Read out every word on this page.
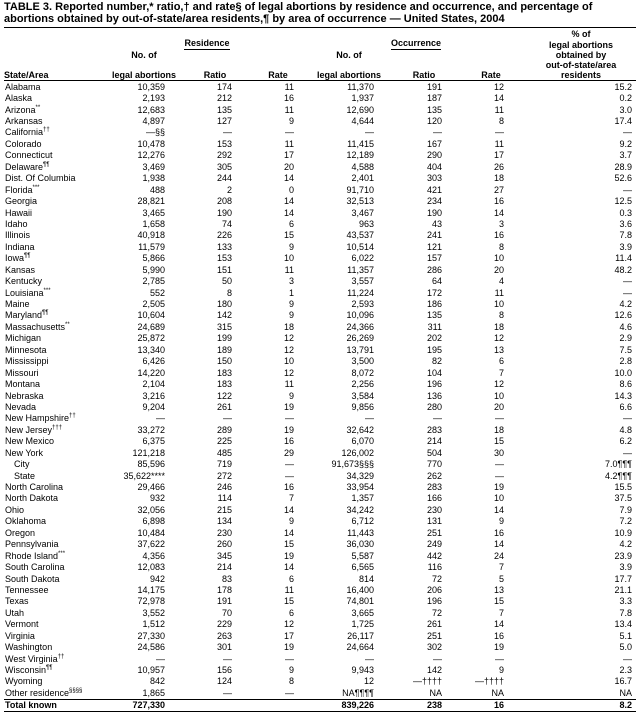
TABLE 3. Reported number,* ratio,† and rate§ of legal abortions by residence and occurrence, and percentage of abortions obtained by out-of-state/area residents,¶ by area of occurrence — United States, 2004
							% of
	Residence			Occurrence			legal abortions
	No. of			No. of			obtained by
							out-of-state/area
State/Area	legal abortions	Ratio	Rate	legal abortions	Ratio	Rate	residents
Alabama	10,359	174	11	11,370	191	12	15.2
Alaska	2,193	212	16	1,937	187	14	0.2
Arizona**	12,683	135	11	12,690	135	11	3.0
Arkansas	4,897	127	9	4,644	120	8	17.4
California††	—§§	—	—	—	—	—	—
Colorado	10,478	153	11	11,415	167	11	9.2
Connecticut	12,276	292	17	12,189	290	17	3.7
Delaware¶¶	3,469	305	20	4,588	404	26	28.9
Dist. Of Columbia	1,938	244	14	2,401	303	18	52.6
Florida***	488	2	0	91,710	421	27	—
Georgia	28,821	208	14	32,513	234	16	12.5
Hawaii	3,465	190	14	3,467	190	14	0.3
Idaho	1,658	74	6	963	43	3	3.6
Illinois	40,918	226	15	43,537	241	16	7.8
Indiana	11,579	133	9	10,514	121	8	3.9
Iowa¶¶	5,866	153	10	6,022	157	10	11.4
Kansas	5,990	151	11	11,357	286	20	48.2
Kentucky	2,785	50	3	3,557	64	4	—
Louisiana***	552	8	1	11,224	172	11	—
Maine	2,505	180	9	2,593	186	10	4.2
Maryland¶¶	10,604	142	9	10,096	135	8	12.6
Massachusetts**	24,689	315	18	24,366	311	18	4.6
Michigan	25,872	199	12	26,269	202	12	2.9
Minnesota	13,340	189	12	13,791	195	13	7.5
Mississippi	6,426	150	10	3,500	82	6	2.8
Missouri	14,220	183	12	8,072	104	7	10.0
Montana	2,104	183	11	2,256	196	12	8.6
Nebraska	3,216	122	9	3,584	136	10	14.3
Nevada	9,204	261	19	9,856	280	20	6.6
New Hampshire††	—	—	—	—	—	—	—
New Jersey†††	33,272	289	19	32,642	283	18	4.8
New Mexico	6,375	225	16	6,070	214	15	6.2
New York	121,218	485	29	126,002	504	30	—
City	85,596	719	—	91,673§§§	770	—	7.0¶¶¶
State	35,622****	272	—	34,329	262	—	4.2¶¶¶
North Carolina	29,466	246	16	33,954	283	19	15.5
North Dakota	932	114	7	1,357	166	10	37.5
Ohio	32,056	215	14	34,242	230	14	7.9
Oklahoma	6,898	134	9	6,712	131	9	7.2
Oregon	10,484	230	14	11,443	251	16	10.9
Pennsylvania	37,622	260	15	36,030	249	14	4.2
Rhode Island***	4,356	345	19	5,587	442	24	23.9
South Carolina	12,083	214	14	6,565	116	7	3.9
South Dakota	942	83	6	814	72	5	17.7
Tennessee	14,175	178	11	16,400	206	13	21.1
Texas	72,978	191	15	74,801	196	15	3.3
Utah	3,552	70	6	3,665	72	7	7.8
Vermont	1,512	229	12	1,725	261	14	13.4
Virginia	27,330	263	17	26,117	251	16	5.1
Washington	24,586	301	19	24,664	302	19	5.0
West Virginia††	—	—	—	—	—	—	—
Wisconsin¶¶	10,957	156	9	9,943	142	9	2.3
Wyoming	842	124	8	12	—††††	—††††	16.7
Other residence§§§§	1,865	—	—	NA¶¶¶¶	NA	NA	NA
Total known	727,330			839,226	238	16	8.2
